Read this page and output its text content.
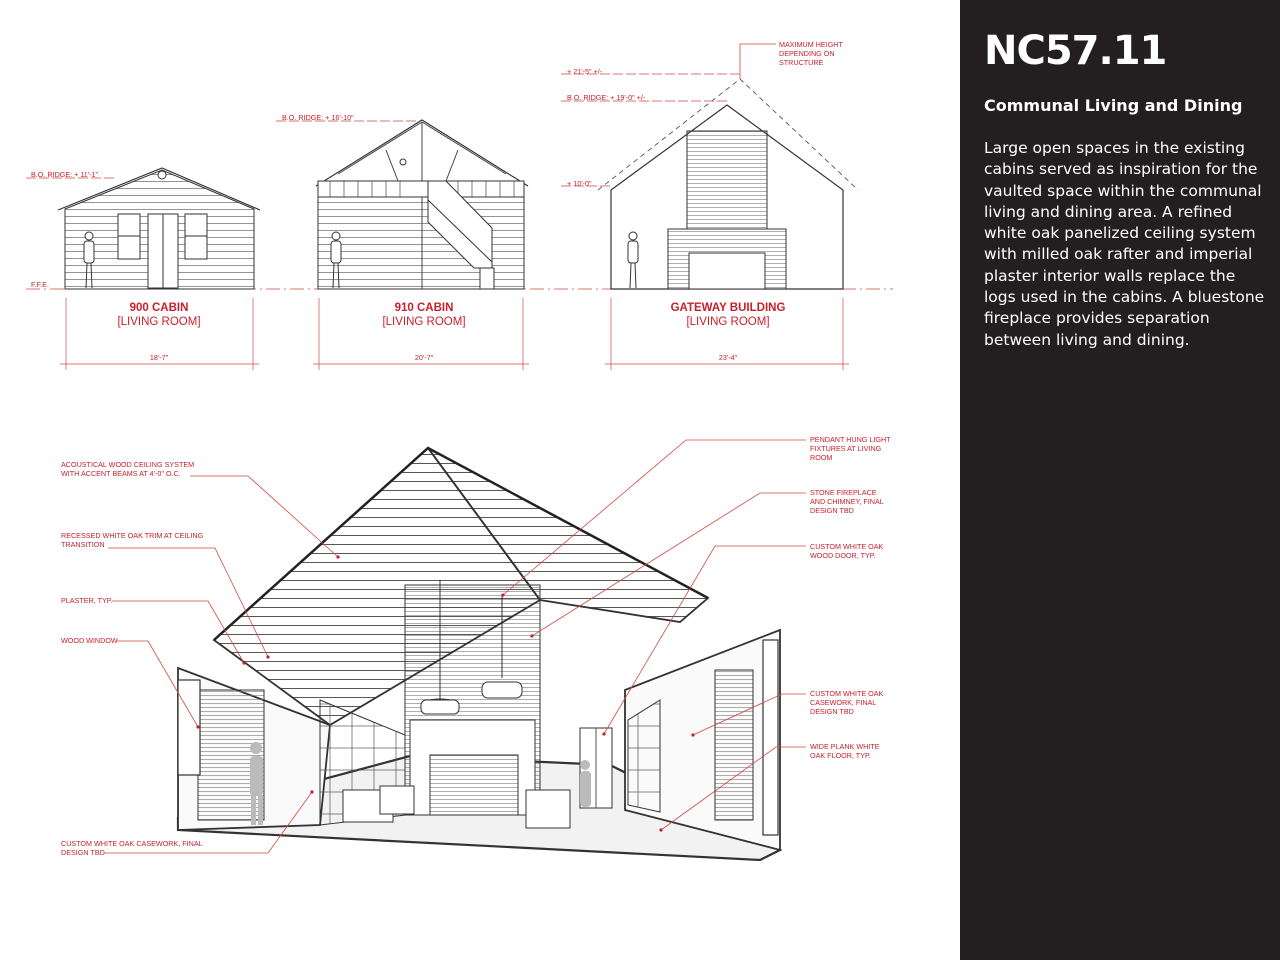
900 CABIN
[LIVING ROOM]
18'-7"
B.O. RIDGE: + 11'-1"
F.F.E.
910 CABIN
[LIVING ROOM]
20'-7"
B.O. RIDGE: + 16'-10"
GATEWAY BUILDING
[LIVING ROOM]
23'-4"
+ 21'-5" +/-
B.O. RIDGE: + 19'-0" +/-
+ 10'-0"
MAXIMUM HEIGHT
DEPENDING ON
STRUCTURE
ACOUSTICAL WOOD CEILING SYSTEM
WITH ACCENT BEAMS AT 4'-0" O.C.
RECESSED WHITE OAK TRIM AT CEILING
TRANSITION
PLASTER, TYP.
WOOD WINDOW
CUSTOM WHITE OAK CASEWORK, FINAL
DESIGN TBD
PENDANT HUNG LIGHT
FIXTURES AT LIVING
ROOM
STONE FIREPLACE
AND CHIMNEY, FINAL
DESIGN TBD
CUSTOM WHITE OAK
WOOD DOOR, TYP.
CUSTOM WHITE OAK
CASEWORK, FINAL
DESIGN TBD
WIDE PLANK WHITE
OAK FLOOR, TYP.
NC57.11
Communal Living and Dining
Large open spaces in the existing cabins served as inspiration for the vaulted space within the communal living and dining area. A refined white oak panelized ceiling system with milled oak rafter and imperial plaster interior walls replace the logs used in the cabins. A bluestone fireplace provides separation between living and dining.
